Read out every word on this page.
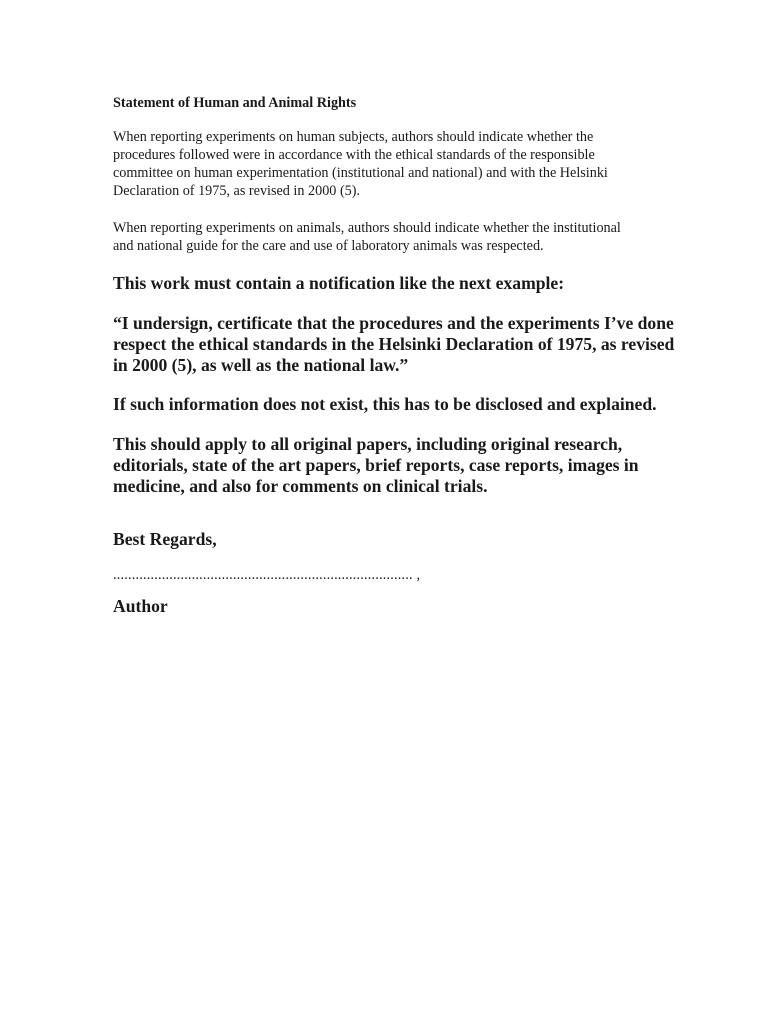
Statement of Human and Animal Rights

When reporting experiments on human subjects, authors should indicate whether the
procedures followed were in accordance with the ethical standards of the responsible
committee on human experimentation (institutional and national) and with the Helsinki
Declaration of 1975, as revised in 2000 (5).

When reporting experiments on animals, authors should indicate whether the institutional
and national guide for the care and use of laboratory animals was respected.

This work must contain a notification like the next example:

“I undersign, certificate that the procedures and the experiments I’ve done
respect the ethical standards in the Helsinki Declaration of 1975, as revised
in 2000 (5), as well as the national law.”

If such information does not exist, this has to be disclosed and explained.

This should apply to all original papers, including original research,
editorials, state of the art papers, brief reports, case reports, images in
medicine, and also for comments on clinical trials.

Best Regards,

................................................................................ ,

Author
